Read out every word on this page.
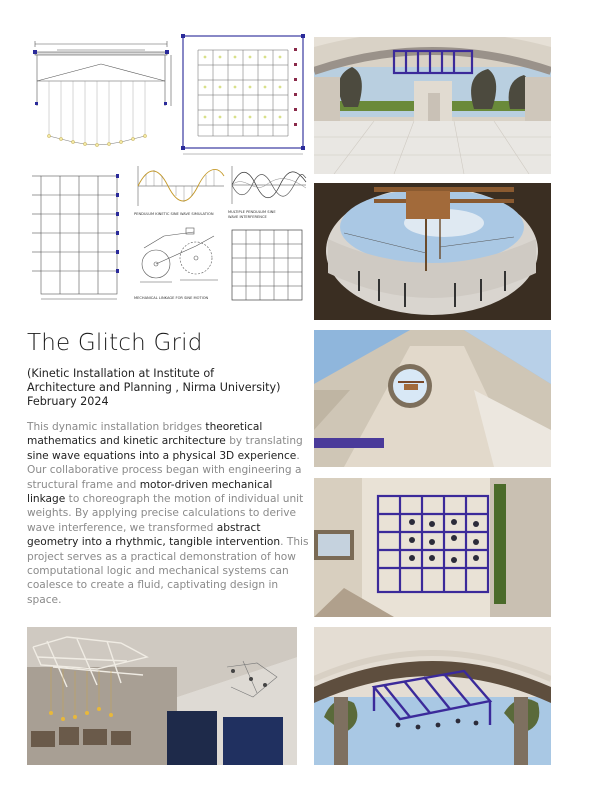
PENDULUM KINETIC SINE WAVE SIMULATION	MULTIPLE PENDULUM SINE
WAVE INTERFERENCE
MECHANICAL LINKAGE FOR SINE MOTION
The Glitch Grid
(Kinetic Installation at Institute of
Architecture and Planning , Nirma University)
February 2024
This dynamic installation bridges theoretical mathematics and kinetic architecture by translating sine wave equations into a physical 3D experience. Our collaborative process began with engineering a structural frame and motor-driven mechanical linkage to choreograph the motion of individual unit weights. By applying precise calculations to derive wave interference, we transformed abstract geometry into a rhythmic, tangible intervention. This project serves as a practical demonstration of how computational logic and mechanical systems can coalesce to create a fluid, captivating design in space.
